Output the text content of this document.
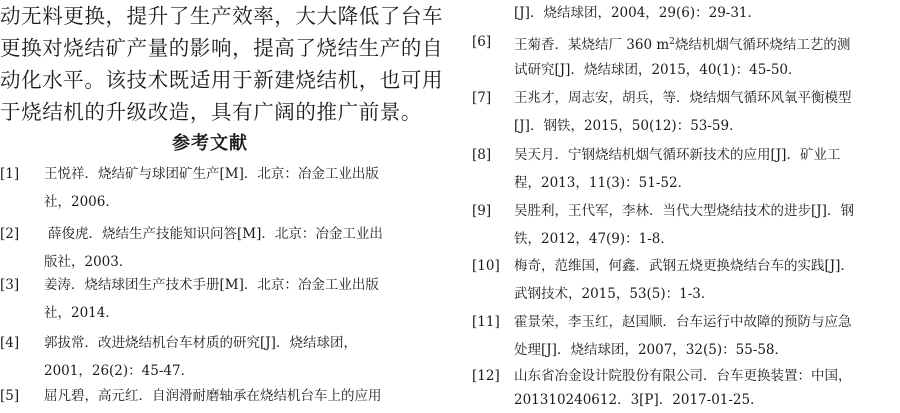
动无料更换，提升了生产效率，大大降低了台车

更换对烧结矿产量的影响，提高了烧结生产的自

动化水平。该技术既适用于新建烧结机，也可用

于烧结机的升级改造，具有广阔的推广前景。

参考文献
[1] 王悦祥．烧结矿与球团矿生产[M]．北京：冶金工业出版
社，2006．
[2] 薛俊虎．烧结生产技能知识问答[M]．北京：冶金工业出
版社，2003．
[3] 姜涛．烧结球团生产技术手册[M]．北京：冶金工业出版
社，2014．
[4] 郭拔常．改进烧结机台车材质的研究[J]．烧结球团，
2001，26(2)：45-47．
[5] 屈凡碧，高元红．自润滑耐磨轴承在烧结机台车上的应用
[J]．烧结球团，2004，29(6)：29-31．
[6] 王菊香．某烧结厂 360 $m^2$烧结机烟气循环烧结工艺的测
试研究[J]．烧结球团，2015，40(1)：45-50．
[7] 王兆才，周志安，胡兵，等．烧结烟气循环风氧平衡模型
[J]．钢铁，2015，50(12)：53-59．
[8] 吴天月．宁钢烧结机烟气循环新技术的应用[J]．矿业工
程，2013，11(3)：51-52．
[9] 吴胜利，王代军，李林．当代大型烧结技术的进步[J]．钢
铁，2012，47(9)：1-8．
[10] 梅奇，范维国，何鑫．武钢五烧更换烧结台车的实践[J]．
武钢技术，2015，53(5)：1-3．
[11] 霍景荣，李玉红，赵国顺．台车运行中故障的预防与应急
处理[J]．烧结球团，2007，32(5)：55-58．
[12] 山东省冶金设计院股份有限公司．台车更换装置：中国，
201310240612．3[P]．2017-01-25．
